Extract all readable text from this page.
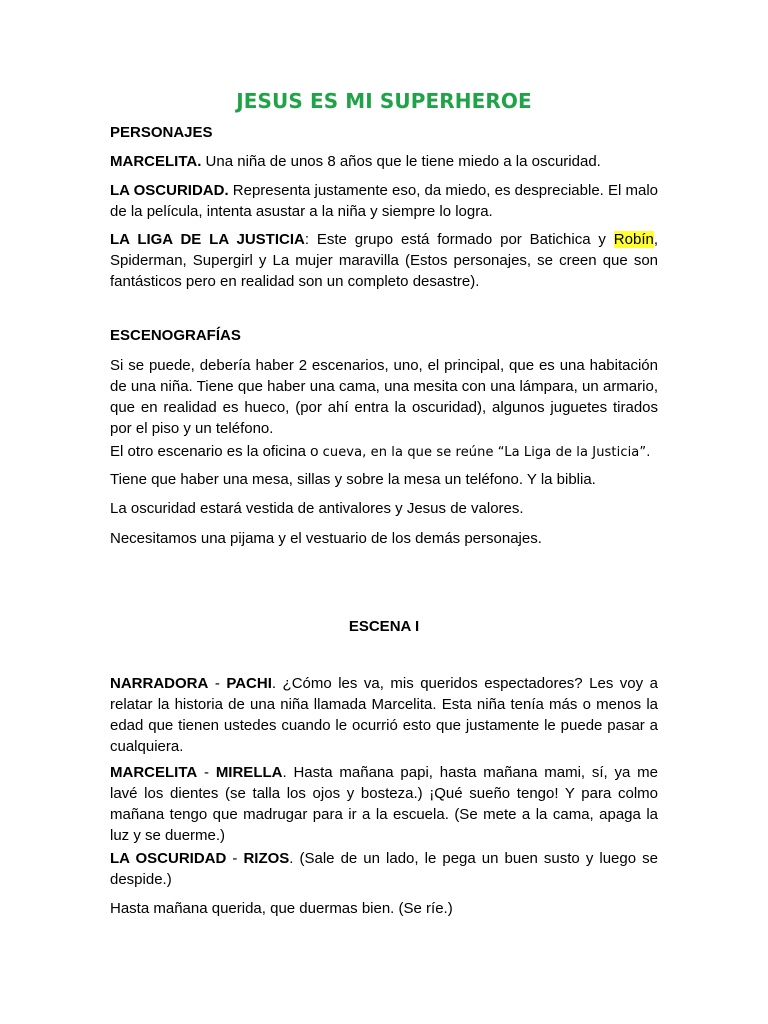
JESUS ES MI SUPERHEROE

PERSONAJES

MARCELITA. Una niña de unos 8 años que le tiene miedo a la oscuridad.

LA OSCURIDAD. Representa justamente eso, da miedo, es despreciable. El malo de la película, intenta asustar a la niña y siempre lo logra.

LA LIGA DE LA JUSTICIA: Este grupo está formado por Batichica y Robín, Spiderman, Supergirl y La mujer maravilla (Estos personajes, se creen que son fantásticos pero en realidad son un completo desastre).

ESCENOGRAFÍAS

Si se puede, debería haber 2 escenarios, uno, el principal, que es una habitación de una niña. Tiene que haber una cama, una mesita con una lámpara, un armario, que en realidad es hueco, (por ahí entra la oscuridad), algunos juguetes tirados por el piso y un teléfono.

El otro escenario es la oficina o cueva, en la que se reúne “La Liga de la Justicia”.

Tiene que haber una mesa, sillas y sobre la mesa un teléfono. Y la biblia.

La oscuridad estará vestida de antivalores y Jesus de valores.

Necesitamos una pijama y el vestuario de los demás personajes.

ESCENA I

NARRADORA - PACHI. ¿Cómo les va, mis queridos espectadores? Les voy a relatar la historia de una niña llamada Marcelita. Esta niña tenía más o menos la edad que tienen ustedes cuando le ocurrió esto que justamente le puede pasar a cualquiera.

MARCELITA - MIRELLA. Hasta mañana papi, hasta mañana mami, sí, ya me lavé los dientes (se talla los ojos y bosteza.) ¡Qué sueño tengo! Y para colmo mañana tengo que madrugar para ir a la escuela. (Se mete a la cama, apaga la luz y se duerme.)

LA OSCURIDAD - RIZOS. (Sale de un lado, le pega un buen susto y luego se despide.)

Hasta mañana querida, que duermas bien. (Se ríe.)
